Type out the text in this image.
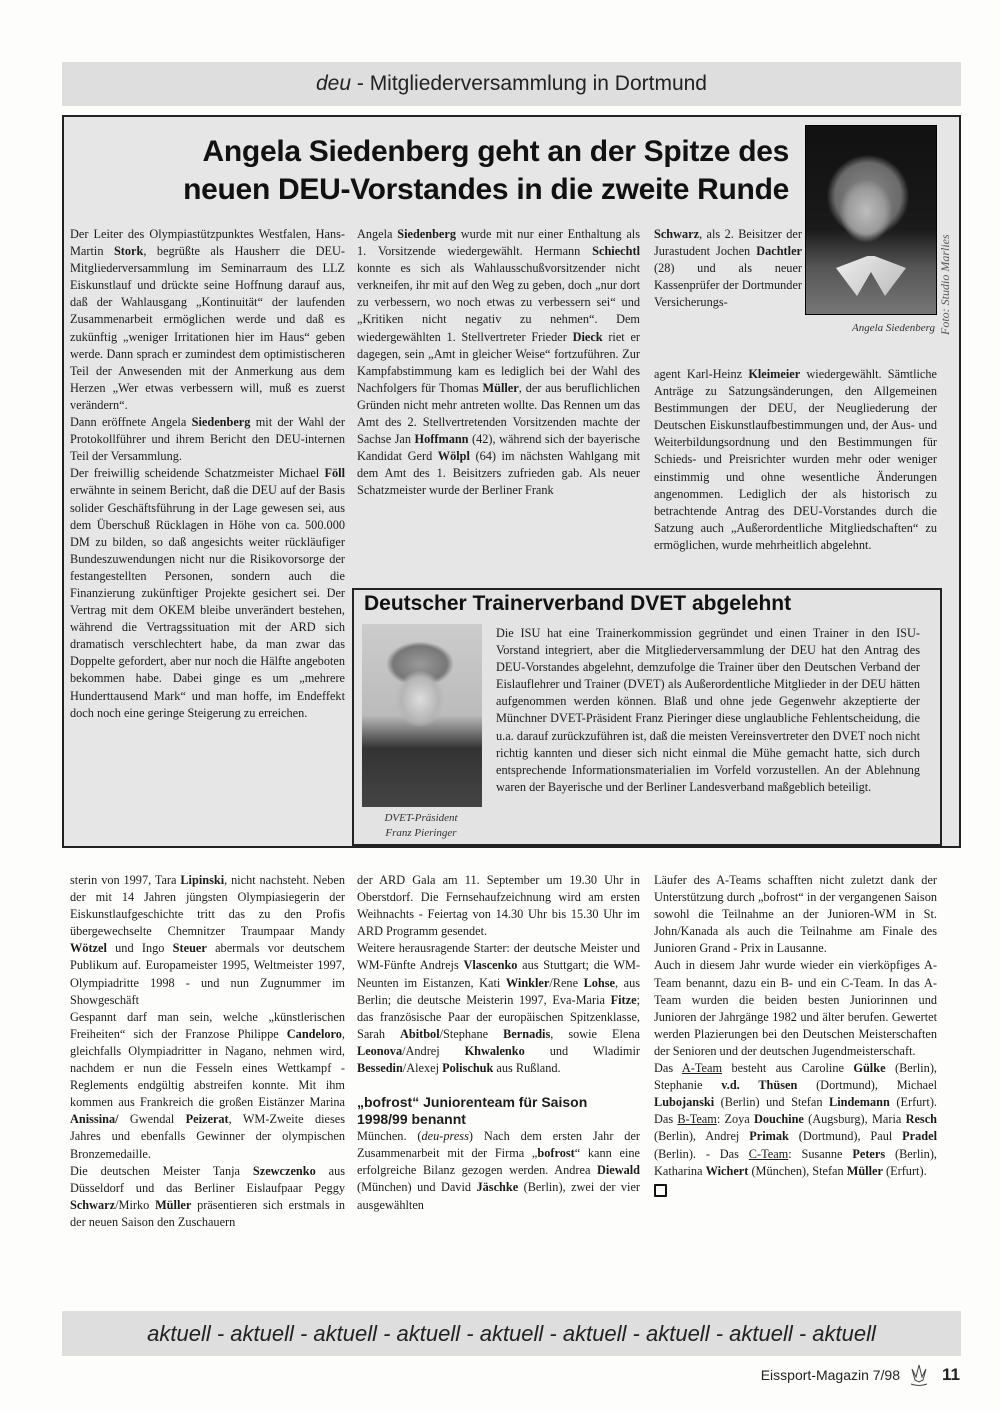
deu - Mitgliederversammlung in Dortmund
Angela Siedenberg geht an der Spitze des
neuen DEU-Vorstandes in die zweite Runde
Angela Siedenberg Foto: Studio Marlies

Der Leiter des Olympiastützpunktes Westfalen, Hans-Martin Stork, begrüßte als Hausherr die DEU-Mitgliederversammlung im Seminarraum des LLZ Eiskunstlauf und drückte seine Hoffnung darauf aus, daß der Wahlausgang „Kontinuität“ der laufenden Zusammenarbeit ermöglichen werde und daß es zukünftig „weniger Irritationen hier im Haus“ geben werde. Dann sprach er zumindest dem optimistischeren Teil der Anwesenden mit der Anmerkung aus dem Herzen „Wer etwas verbessern will, muß es zuerst verändern“.

Dann eröffnete Angela Siedenberg mit der Wahl der Protokollführer und ihrem Bericht den DEU-internen Teil der Versammlung.

Der freiwillig scheidende Schatzmeister Michael Föll erwähnte in seinem Bericht, daß die DEU auf der Basis solider Geschäftsführung in der Lage gewesen sei, aus dem Überschuß Rücklagen in Höhe von ca. 500.000 DM zu bilden, so daß angesichts weiter rückläufiger Bundeszuwendungen nicht nur die Risikovorsorge der festangestellten Personen, sondern auch die Finanzierung zukünftiger Projekte gesichert sei. Der Vertrag mit dem OKEM bleibe unverändert bestehen, während die Vertragssituation mit der ARD sich dramatisch verschlechtert habe, da man zwar das Doppelte gefordert, aber nur noch die Hälfte angeboten bekommen habe. Dabei ginge es um „mehrere Hunderttausend Mark“ und man hoffe, im Endeffekt doch noch eine geringe Steigerung zu erreichen.

Angela Siedenberg wurde mit nur einer Enthaltung als 1. Vorsitzende wiedergewählt. Hermann Schiechtl konnte es sich als Wahlausschußvorsitzender nicht verkneifen, ihr mit auf den Weg zu geben, doch „nur dort zu verbessern, wo noch etwas zu verbessern sei“ und „Kritiken nicht negativ zu nehmen“. Dem wiedergewählten 1. Stellvertreter Frieder Dieck riet er dagegen, sein „Amt in gleicher Weise“ fortzuführen. Zur Kampfabstimmung kam es lediglich bei der Wahl des Nachfolgers für Thomas Müller, der aus beruflichlichen Gründen nicht mehr antreten wollte. Das Rennen um das Amt des 2. Stellvertretenden Vorsitzenden machte der Sachse Jan Hoffmann (42), während sich der bayerische Kandidat Gerd Wölpl (64) im nächsten Wahlgang mit dem Amt des 1. Beisitzers zufrieden gab. Als neuer Schatzmeister wurde der Berliner Frank

Schwarz, als 2. Beisitzer der Jurastudent Jochen Dachtler (28) und als neuer Kassenprüfer der Dortmunder Versicherungs-

agent Karl-Heinz Kleimeier wiedergewählt. Sämtliche Anträge zu Satzungsänderungen, den Allgemeinen Bestimmungen der DEU, der Neugliederung der Deutschen Eiskunstlaufbestimmungen und, der Aus- und Weiterbildungsordnung und den Bestimmungen für Schieds- und Preisrichter wurden mehr oder weniger einstimmig und ohne wesentliche Änderungen angenommen. Lediglich der als historisch zu betrachtende Antrag des DEU-Vorstandes durch die Satzung auch „Außerordentliche Mitgliedschaften“ zu ermöglichen, wurde mehrheitlich abgelehnt.

Deutscher Trainerverband DVET abgelehnt
DVET-Präsident
Franz Pieringer

Die ISU hat eine Trainerkommission gegründet und einen Trainer in den ISU-Vorstand integriert, aber die Mitgliederversammlung der DEU hat den Antrag des DEU-Vorstandes abgelehnt, demzufolge die Trainer über den Deutschen Verband der Eislauflehrer und Trainer (DVET) als Außerordentliche Mitglieder in der DEU hätten aufgenommen werden können. Blaß und ohne jede Gegenwehr akzeptierte der Münchner DVET-Präsident Franz Pieringer diese unglaubliche Fehlentscheidung, die u.a. darauf zurückzuführen ist, daß die meisten Vereinsvertreter den DVET noch nicht richtig kannten und dieser sich nicht einmal die Mühe gemacht hatte, sich durch entsprechende Informationsmaterialien im Vorfeld vorzustellen. An der Ablehnung waren der Bayerische und der Berliner Landesverband maßgeblich beteiligt.

sterin von 1997, Tara Lipinski, nicht nachsteht. Neben der mit 14 Jahren jüngsten Olympiasiegerin der Eiskunstlaufgeschichte tritt das zu den Profis übergewechselte Chemnitzer Traumpaar Mandy Wötzel und Ingo Steuer abermals vor deutschem Publikum auf. Europameister 1995, Weltmeister 1997, Olympiadritte 1998 - und nun Zugnummer im Showgeschäft

Gespannt darf man sein, welche „künstlerischen Freiheiten“ sich der Franzose Philippe Candeloro, gleichfalls Olympiadritter in Nagano, nehmen wird, nachdem er nun die Fesseln eines Wettkampf - Reglements endgültig abstreifen konnte. Mit ihm kommen aus Frankreich die großen Eistänzer Marina Anissina/ Gwendal Peizerat, WM-Zweite dieses Jahres und ebenfalls Gewinner der olympischen Bronzemedaille.

Die deutschen Meister Tanja Szewczenko aus Düsseldorf und das Berliner Eislaufpaar Peggy Schwarz/Mirko Müller präsentieren sich erstmals in der neuen Saison den Zuschauern

der ARD Gala am 11. September um 19.30 Uhr in Oberstdorf. Die Fernsehaufzeichnung wird am ersten Weihnachts - Feiertag von 14.30 Uhr bis 15.30 Uhr im ARD Programm gesendet.

Weitere herausragende Starter: der deutsche Meister und WM-Fünfte Andrejs Vlascenko aus Stuttgart; die WM-Neunten im Eistanzen, Kati Winkler/Rene Lohse, aus Berlin; die deutsche Meisterin 1997, Eva-Maria Fitze; das französische Paar der europäischen Spitzenklasse, Sarah Abitbol/Stephane Bernadis, sowie Elena Leonova/Andrej Khwalenko und Wladimir Bessedin/Alexej Polischuk aus Rußland.

„bofrost“ Juniorenteam für Saison 1998/99 benannt

München. (deu-press) Nach dem ersten Jahr der Zusammenarbeit mit der Firma „bofrost“ kann eine erfolgreiche Bilanz gezogen werden. Andrea Diewald (München) und David Jäschke (Berlin), zwei der vier ausgewählten

Läufer des A-Teams schafften nicht zuletzt dank der Unterstützung durch „bofrost“ in der vergangenen Saison sowohl die Teilnahme an der Junioren-WM in St. John/Kanada als auch die Teilnahme am Finale des Junioren Grand - Prix in Lausanne.

Auch in diesem Jahr wurde wieder ein vierköpfiges A-Team benannt, dazu ein B- und ein C-Team. In das A-Team wurden die beiden besten Juniorinnen und Junioren der Jahrgänge 1982 und älter berufen. Gewertet werden Plazierungen bei den Deutschen Meisterschaften der Senioren und der deutschen Jugendmeisterschaft.

Das A-Team besteht aus Caroline Gülke (Berlin), Stephanie v.d. Thüsen (Dortmund), Michael Lubojanski (Berlin) und Stefan Lindemann (Erfurt). Das B-Team: Zoya Douchine (Augsburg), Maria Resch (Berlin), Andrej Primak (Dortmund), Paul Pradel (Berlin). - Das C-Team: Susanne Peters (Berlin), Katharina Wichert (München), Stefan Müller (Erfurt).

aktuell - aktuell - aktuell - aktuell - aktuell - aktuell - aktuell - aktuell - aktuell
Eissport-Magazin 7/98 11
